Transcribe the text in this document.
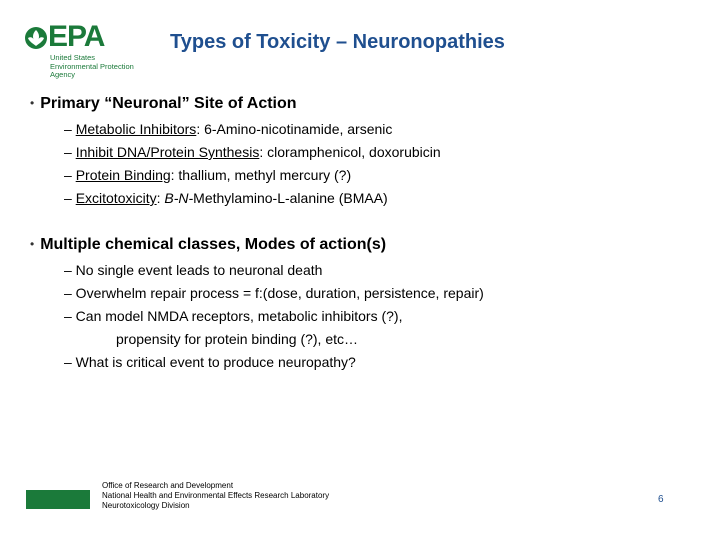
EPA
United States
Environmental Protection
Agency
Types of Toxicity – Neuronopathies
• Primary “Neuronal” Site of Action
– Metabolic Inhibitors: 6-Amino-nicotinamide, arsenic
– Inhibit DNA/Protein Synthesis: cloramphenicol, doxorubicin
– Protein Binding: thallium, methyl mercury (?)
– Excitotoxicity: B-N-Methylamino-L-alanine (BMAA)
• Multiple chemical classes, Modes of action(s)
– No single event leads to neuronal death
– Overwhelm repair process = f:(dose, duration, persistence, repair)
– Can model NMDA receptors, metabolic inhibitors (?),
propensity for protein binding (?), etc…
– What is critical event to produce neuropathy?
Office of Research and Development
National Health and Environmental Effects Research Laboratory
Neurotoxicology Division
6
